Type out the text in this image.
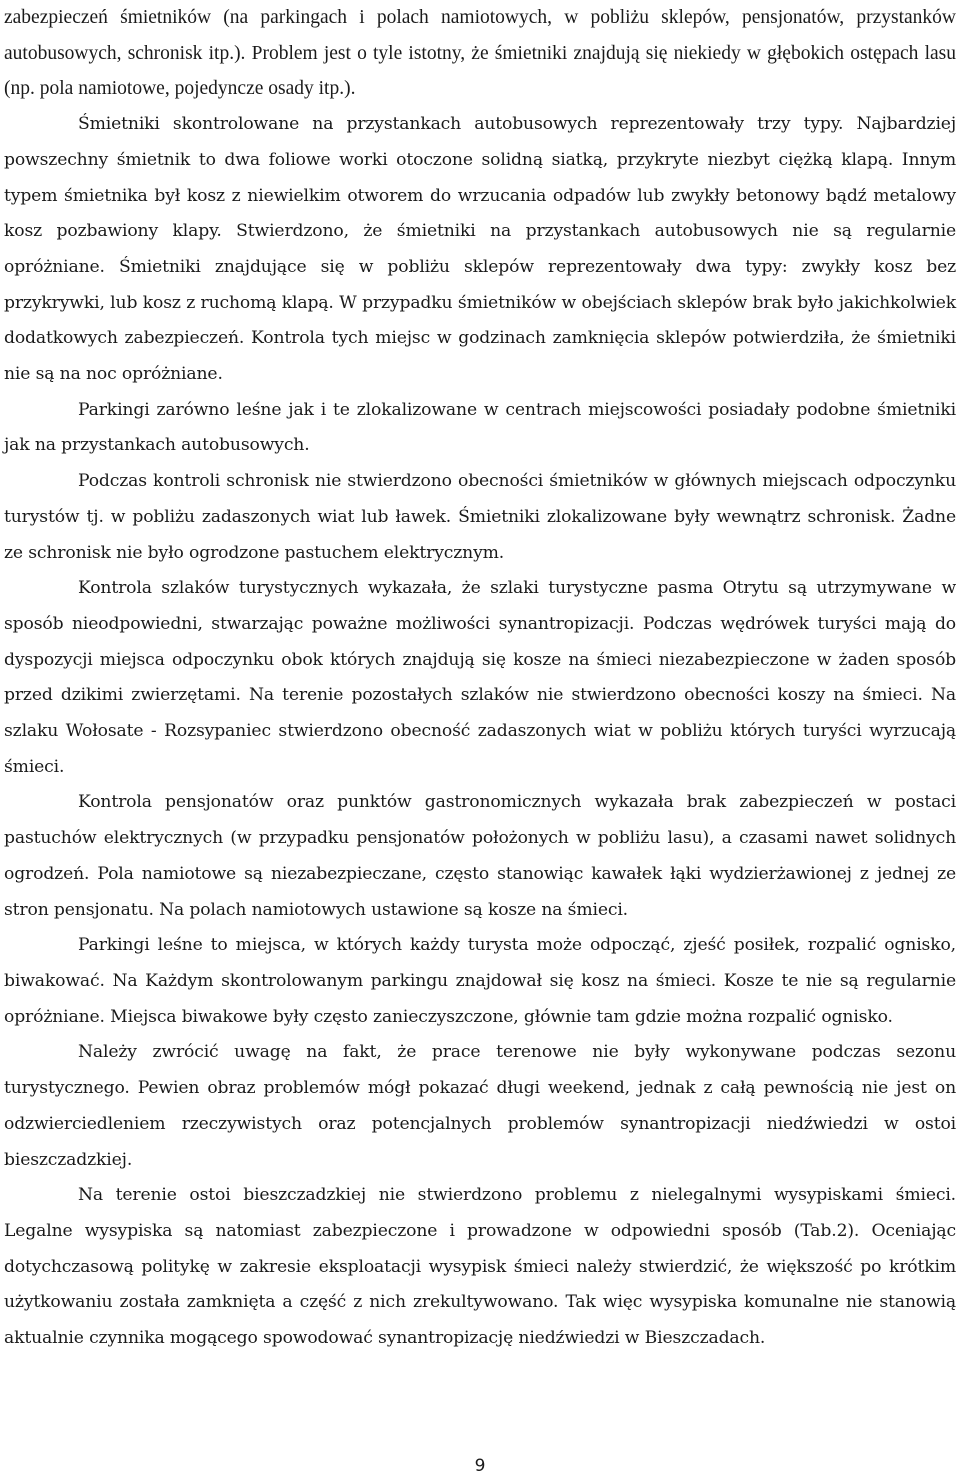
zabezpieczeń śmietników (na parkingach i polach namiotowych, w pobliżu sklepów, pensjonatów, przystanków autobusowych, schronisk itp.). Problem jest o tyle istotny, że śmietniki znajdują się niekiedy w głębokich ostępach lasu (np. pola namiotowe, pojedyncze osady itp.).

Śmietniki skontrolowane na przystankach autobusowych reprezentowały trzy typy. Najbardziej powszechny śmietnik to dwa foliowe worki otoczone solidną siatką, przykryte niezbyt ciężką klapą. Innym typem śmietnika był kosz z niewielkim otworem do wrzucania odpadów lub zwykły betonowy bądź metalowy kosz pozbawiony klapy. Stwierdzono, że śmietniki na przystankach autobusowych nie są regularnie opróżniane. Śmietniki znajdujące się w pobliżu sklepów reprezentowały dwa typy: zwykły kosz bez przykrywki, lub kosz z ruchomą klapą. W przypadku śmietników w obejściach sklepów brak było jakichkolwiek dodatkowych zabezpieczeń. Kontrola tych miejsc w godzinach zamknięcia sklepów potwierdziła, że śmietniki nie są na noc opróżniane.

Parkingi zarówno leśne jak i te zlokalizowane w centrach miejscowości posiadały podobne śmietniki jak na przystankach autobusowych.

Podczas kontroli schronisk nie stwierdzono obecności śmietników w głównych miejscach odpoczynku turystów tj. w pobliżu zadaszonych wiat lub ławek. Śmietniki zlokalizowane były wewnątrz schronisk. Żadne ze schronisk nie było ogrodzone pastuchem elektrycznym.

Kontrola szlaków turystycznych wykazała, że szlaki turystyczne pasma Otrytu są utrzymywane w sposób nieodpowiedni, stwarzając poważne możliwości synantropizacji. Podczas wędrówek turyści mają do dyspozycji miejsca odpoczynku obok których znajdują się kosze na śmieci niezabezpieczone w żaden sposób przed dzikimi zwierzętami. Na terenie pozostałych szlaków nie stwierdzono obecności koszy na śmieci. Na szlaku Wołosate - Rozsypaniec stwierdzono obecność zadaszonych wiat w pobliżu których turyści wyrzucają śmieci.

Kontrola pensjonatów oraz punktów gastronomicznych wykazała brak zabezpieczeń w postaci pastuchów elektrycznych (w przypadku pensjonatów położonych w pobliżu lasu), a czasami nawet solidnych ogrodzeń. Pola namiotowe są niezabezpieczane, często stanowiąc kawałek łąki wydzierżawionej z jednej ze stron pensjonatu. Na polach namiotowych ustawione są kosze na śmieci.

Parkingi leśne to miejsca, w których każdy turysta może odpocząć, zjeść posiłek, rozpalić ognisko, biwakować. Na Każdym skontrolowanym parkingu znajdował się kosz na śmieci. Kosze te nie są regularnie opróżniane. Miejsca biwakowe były często zanieczyszczone, głównie tam gdzie można rozpalić ognisko.

Należy zwrócić uwagę na fakt, że prace terenowe nie były wykonywane podczas sezonu turystycznego. Pewien obraz problemów mógł pokazać długi weekend, jednak z całą pewnością nie jest on odzwierciedleniem rzeczywistych oraz potencjalnych problemów synantropizacji niedźwiedzi w ostoi bieszczadzkiej.

Na terenie ostoi bieszczadzkiej nie stwierdzono problemu z nielegalnymi wysypiskami śmieci. Legalne wysypiska są natomiast zabezpieczone i prowadzone w odpowiedni sposób (Tab.2). Oceniając dotychczasową politykę w zakresie eksploatacji wysypisk śmieci należy stwierdzić, że większość po krótkim użytkowaniu została zamknięta a część z nich zrekultywowano. Tak więc wysypiska komunalne nie stanowią aktualnie czynnika mogącego spowodować synantropizację niedźwiedzi w Bieszczadach.

9
